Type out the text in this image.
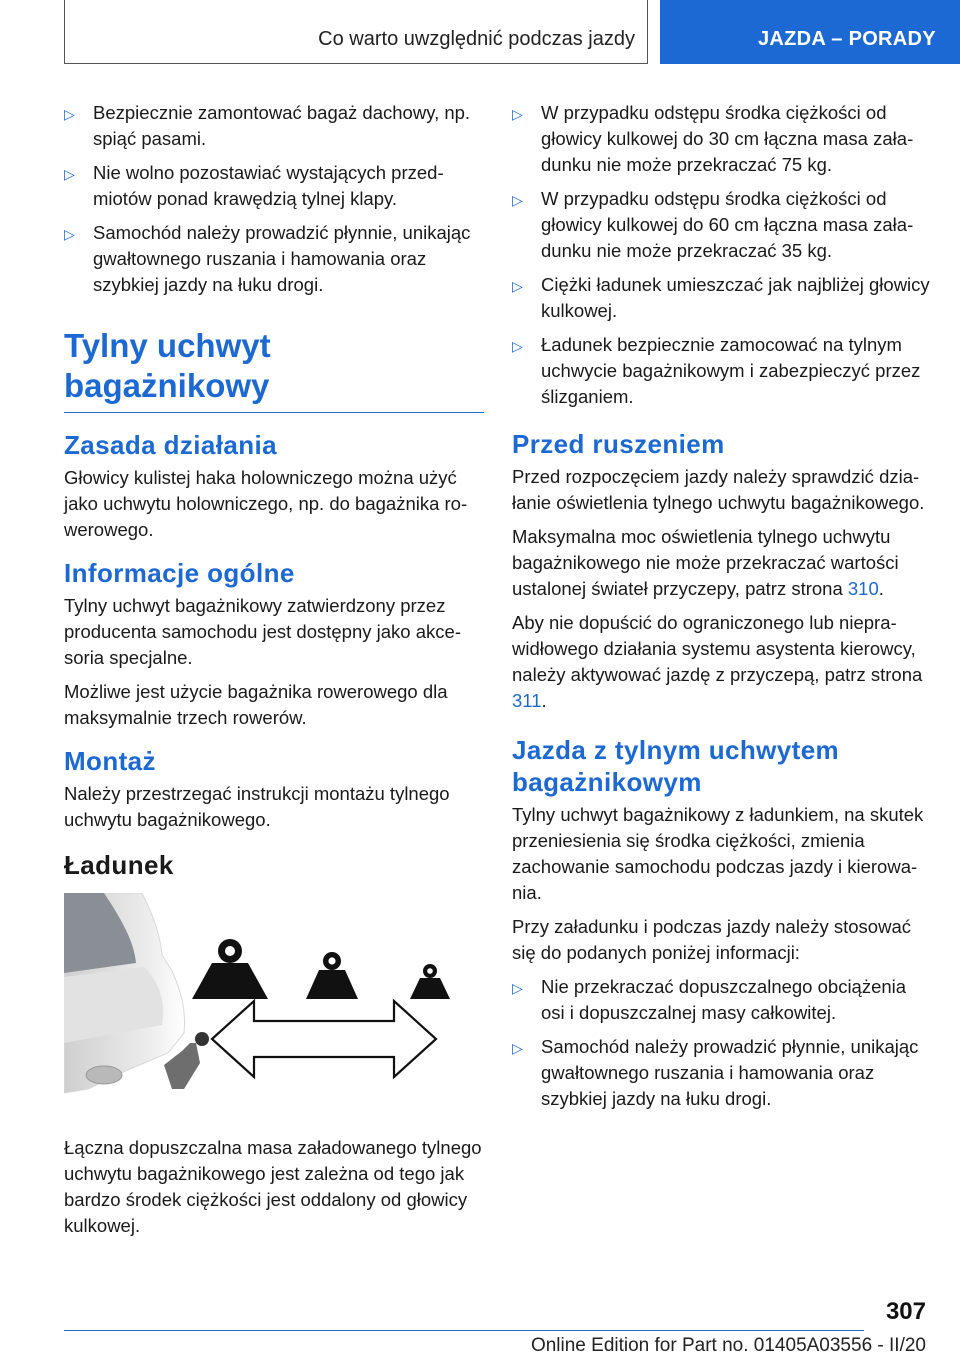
Co warto uwzględnić podczas jazdy	JAZDA – PORADY
▷ Bezpiecznie zamontować bagaż dachowy, np. spiąć pasami.
▷ Nie wolno pozostawiać wystających przedmiotów ponad krawędzią tylnej klapy.
▷ Samochód należy prowadzić płynnie, unikając gwałtownego ruszania i hamowania oraz szybkiej jazdy na łuku drogi.
Tylny uchwyt bagażnikowy
Zasada działania

Głowicy kulistej haka holowniczego można użyć jako uchwytu holowniczego, np. do bagażnika rowerowego.

Informacje ogólne

Tylny uchwyt bagażnikowy zatwierdzony przez producenta samochodu jest dostępny jako akcesoria specjalne.

Możliwe jest użycie bagażnika rowerowego dla maksymalnie trzech rowerów.

Montaż

Należy przestrzegać instrukcji montażu tylnego uchwytu bagażnikowego.

Ładunek

Łączna dopuszczalna masa załadowanego tylnego uchwytu bagażnikowego jest zależna od tego jak bardzo środek ciężkości jest oddalony od głowicy kulkowej.

▷ W przypadku odstępu środka ciężkości od głowicy kulkowej do 30 cm łączna masa załadunku nie może przekraczać 75 kg.
▷ W przypadku odstępu środka ciężkości od głowicy kulkowej do 60 cm łączna masa załadunku nie może przekraczać 35 kg.
▷ Ciężki ładunek umieszczać jak najbliżej głowicy kulkowej.
▷ Ładunek bezpiecznie zamocować na tylnym uchwycie bagażnikowym i zabezpieczyć przez ślizganiem.
Przed ruszeniem

Przed rozpoczęciem jazdy należy sprawdzić działanie oświetlenia tylnego uchwytu bagażnikowego.

Maksymalna moc oświetlenia tylnego uchwytu bagażnikowego nie może przekraczać wartości ustalonej świateł przyczepy, patrz strona 310.

Aby nie dopuścić do ograniczonego lub nieprawidłowego działania systemu asystenta kierowcy, należy aktywować jazdę z przyczepą, patrz strona 311.

Jazda z tylnym uchwytem bagażnikowym

Tylny uchwyt bagażnikowy z ładunkiem, na skutek przeniesienia się środka ciężkości, zmienia zachowanie samochodu podczas jazdy i kierowania.

Przy załadunku i podczas jazdy należy stosować się do podanych poniżej informacji:

▷ Nie przekraczać dopuszczalnego obciążenia osi i dopuszczalnej masy całkowitej.
▷ Samochód należy prowadzić płynnie, unikając gwałtownego ruszania i hamowania oraz szybkiej jazdy na łuku drogi.
307
Online Edition for Part no. 01405A03556 - II/20
